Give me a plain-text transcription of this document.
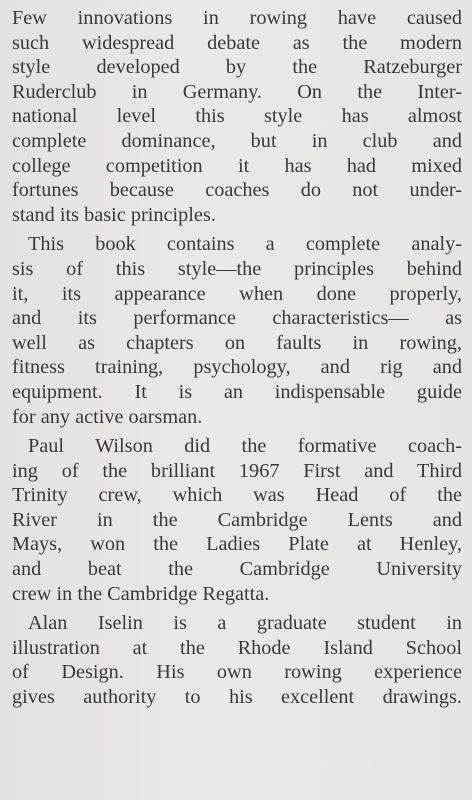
Few innovations in rowing have caused
such widespread debate as the modern
style developed by the Ratzeburger
Ruderclub in Germany. On the Inter-
national level this style has almost
complete dominance, but in club and
college competition it has had mixed
fortunes because coaches do not under-
stand its basic principles.

This book contains a complete analy-
sis of this style—the principles behind
it, its appearance when done properly,
and its performance characteristics— as
well as chapters on faults in rowing,
fitness training, psychology, and rig and
equipment. It is an indispensable guide
for any active oarsman.

Paul Wilson did the formative coach-
ing of the brilliant 1967 First and Third
Trinity crew, which was Head of the
River in the Cambridge Lents and
Mays, won the Ladies Plate at Henley,
and beat the Cambridge University
crew in the Cambridge Regatta.

Alan Iselin is a graduate student in
illustration at the Rhode Island School
of Design. His own rowing experience
gives authority to his excellent drawings.
